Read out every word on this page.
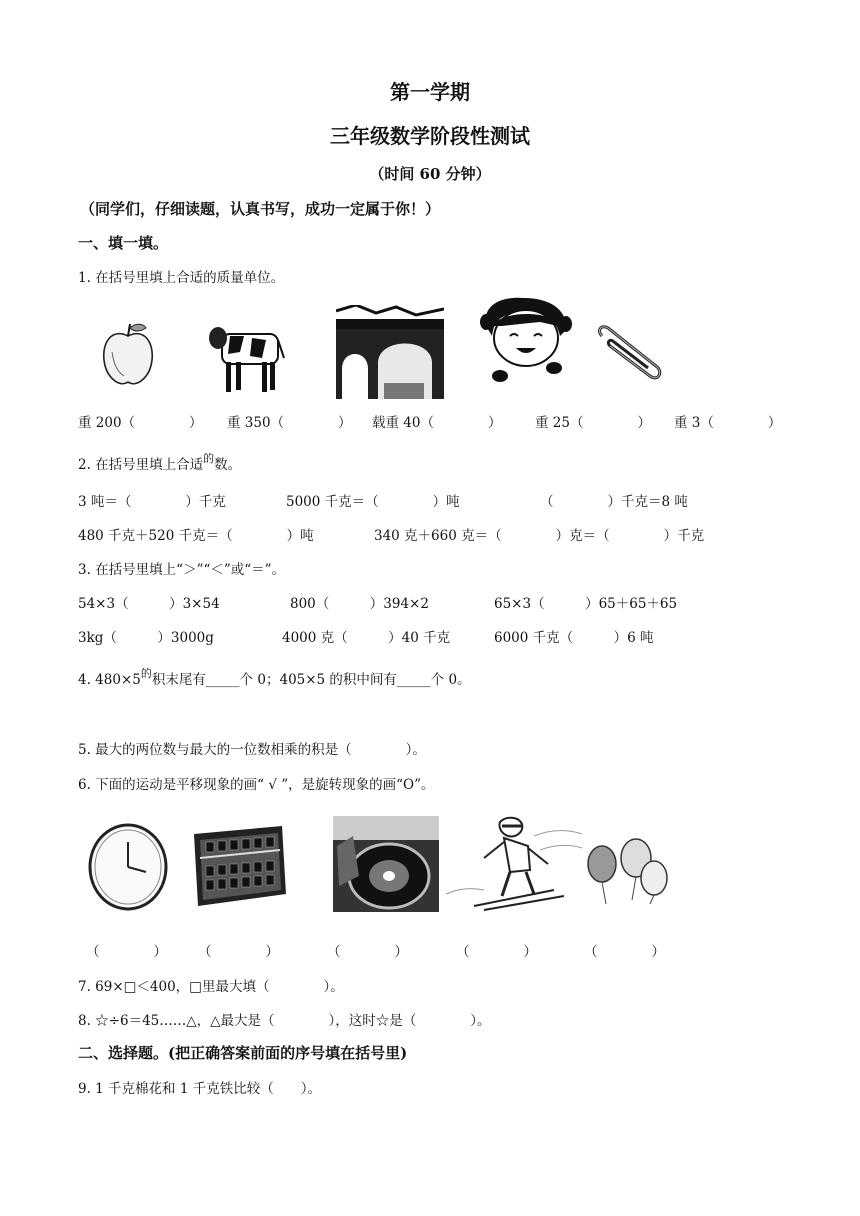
第一学期
三年级数学阶段性测试
（时间 60 分钟）
（同学们，仔细读题，认真书写，成功一定属于你！）
一、填一填。
1. 在括号里填上合适的质量单位。
重 200（　　　　） 重 350（　　　　） 载重 40（　　　　） 重 25（　　　　） 重 3（　　　　）
2. 在括号里填上合适$^的$数。
3 吨＝（　　　　）千克	5000 千克＝（　　　　）吨	（　　　　）千克＝8 吨
480 千克＋520 千克＝（　　　　）吨	340 克＋660 克＝（　　　　）克＝（　　　　）千克
3. 在括号里填上“＞”“＜”或“＝”。
54×3（　　　）3×54	800（　　　）394×2	65×3（　　　）65＋65＋65
3kg（　　　）3000g	4000 克（　　　）40 千克	6000 千克（　　　）6 吨
4. $480\times 5^的$积末尾有_____个 0；405×5 的积中间有_____个 0。
5. 最大的两位数与最大的一位数相乘的积是（　　　　）。
6. 下面的运动是平移现象的画“ √ ”，是旋转现象的画“O”。
（　　　　） （　　　　）	（　　　　）	（　　　　）	（　　　　）
7. 69×□＜400，□里最大填（　　　　）。
8. ☆÷6＝45……△，△最大是（　　　　），这时☆是（　　　　）。
二、选择题。(把正确答案前面的序号填在括号里)
9. 1 千克棉花和 1 千克铁比较（　　）。
